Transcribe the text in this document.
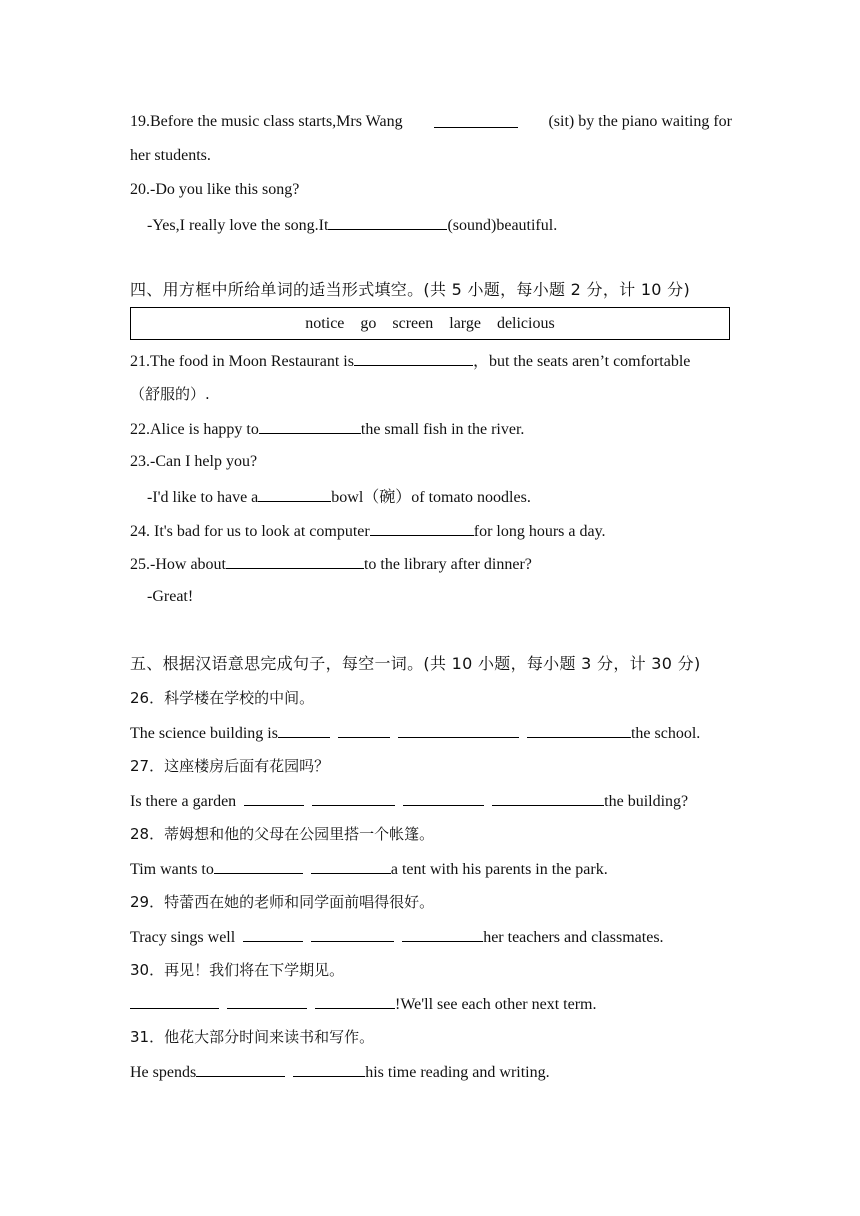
19.Before the music class starts,Mrs Wang	(sit) by the piano waiting for
her students.
20.-Do you like this song?
-Yes,I really love the song.It	(sound)beautiful.
四、用方框中所给单词的适当形式填空。(共 5 小题，每小题 2 分，计 10 分)
notice go screen large delicious
21.The food in Moon Restaurant is	，but the seats aren’t comfortable
（舒服的）.
22.Alice is happy to	the small fish in the river.
23.-Can I help you?
-I'd like to have a	bowl（碗）of tomato noodles.
24. It's bad for us to look at computer	for long hours a day.
25.-How about	to the library after dinner?
-Great!
五、根据汉语意思完成句子，每空一词。(共 10 小题，每小题 3 分，计 30 分)
26．科学楼在学校的中间。
The science building is	the school.
27．这座楼房后面有花园吗？
Is there a garden	the building?
28．蒂姆想和他的父母在公园里搭一个帐篷。
Tim wants to	a tent with his parents in the park.
29．特蕾西在她的老师和同学面前唱得很好。
Tracy sings well	her teachers and classmates.
30．再见！我们将在下学期见。
!We'll see each other next term.
31．他花大部分时间来读书和写作。
He spends	his time reading and writing.
